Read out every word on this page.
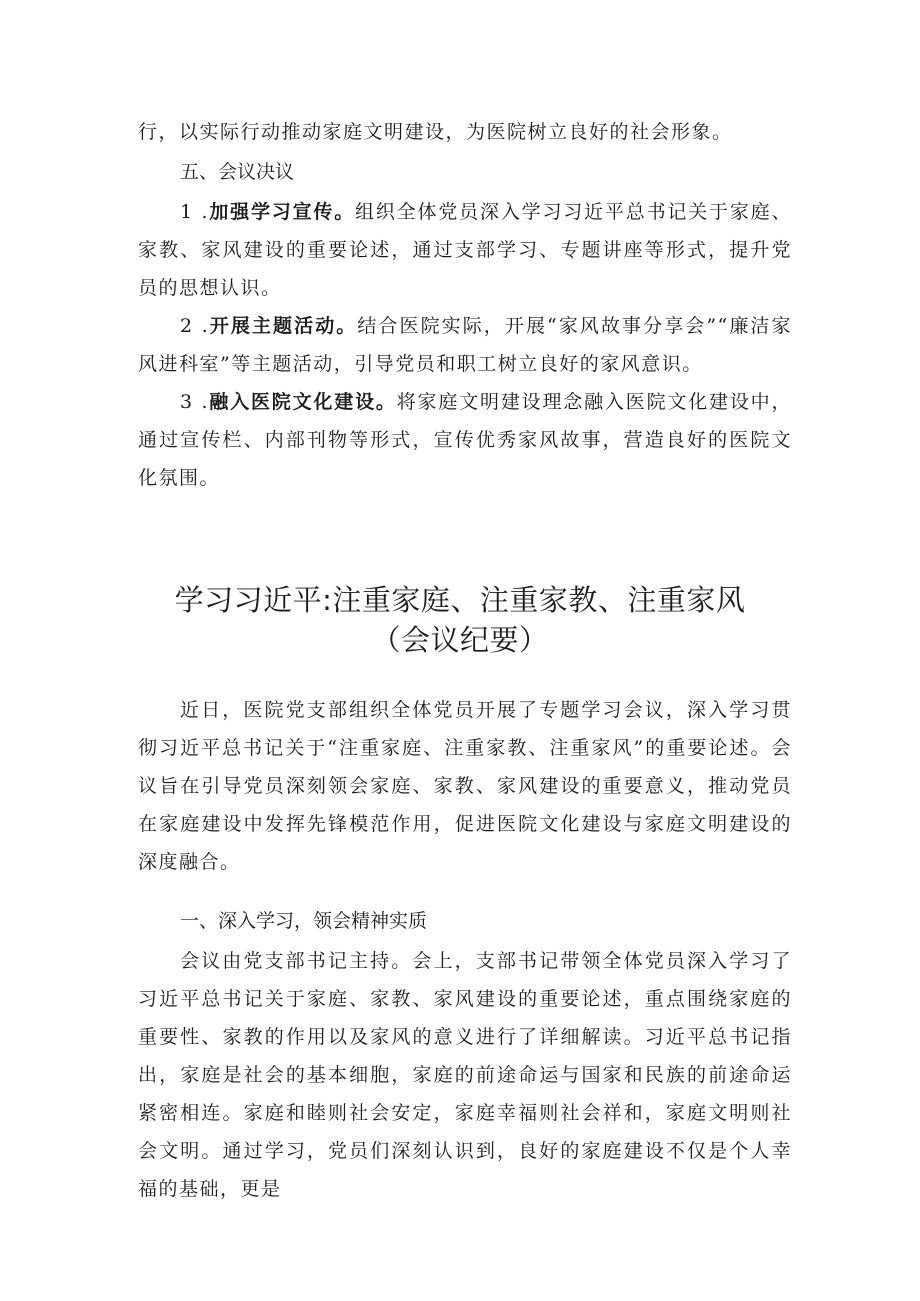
行，以实际行动推动家庭文明建设，为医院树立良好的社会形象。

五、会议决议

1 .加强学习宣传。组织全体党员深入学习习近平总书记关于家庭、家教、家风建设的重要论述，通过支部学习、专题讲座等形式，提升党员的思想认识。

2 .开展主题活动。结合医院实际，开展“家风故事分享会”“廉洁家风进科室”等主题活动，引导党员和职工树立良好的家风意识。

3 .融入医院文化建设。将家庭文明建设理念融入医院文化建设中，通过宣传栏、内部刊物等形式，宣传优秀家风故事，营造良好的医院文化氛围。

学习习近平:注重家庭、注重家教、注重家风
（会议纪要）

近日，医院党支部组织全体党员开展了专题学习会议，深入学习贯彻习近平总书记关于“注重家庭、注重家教、注重家风”的重要论述。会议旨在引导党员深刻领会家庭、家教、家风建设的重要意义，推动党员在家庭建设中发挥先锋模范作用，促进医院文化建设与家庭文明建设的深度融合。

一、深入学习，领会精神实质

会议由党支部书记主持。会上，支部书记带领全体党员深入学习了习近平总书记关于家庭、家教、家风建设的重要论述，重点围绕家庭的重要性、家教的作用以及家风的意义进行了详细解读。习近平总书记指出，家庭是社会的基本细胞，家庭的前途命运与国家和民族的前途命运紧密相连。家庭和睦则社会安定，家庭幸福则社会祥和，家庭文明则社会文明。通过学习，党员们深刻认识到，良好的家庭建设不仅是个人幸福的基础，更是
